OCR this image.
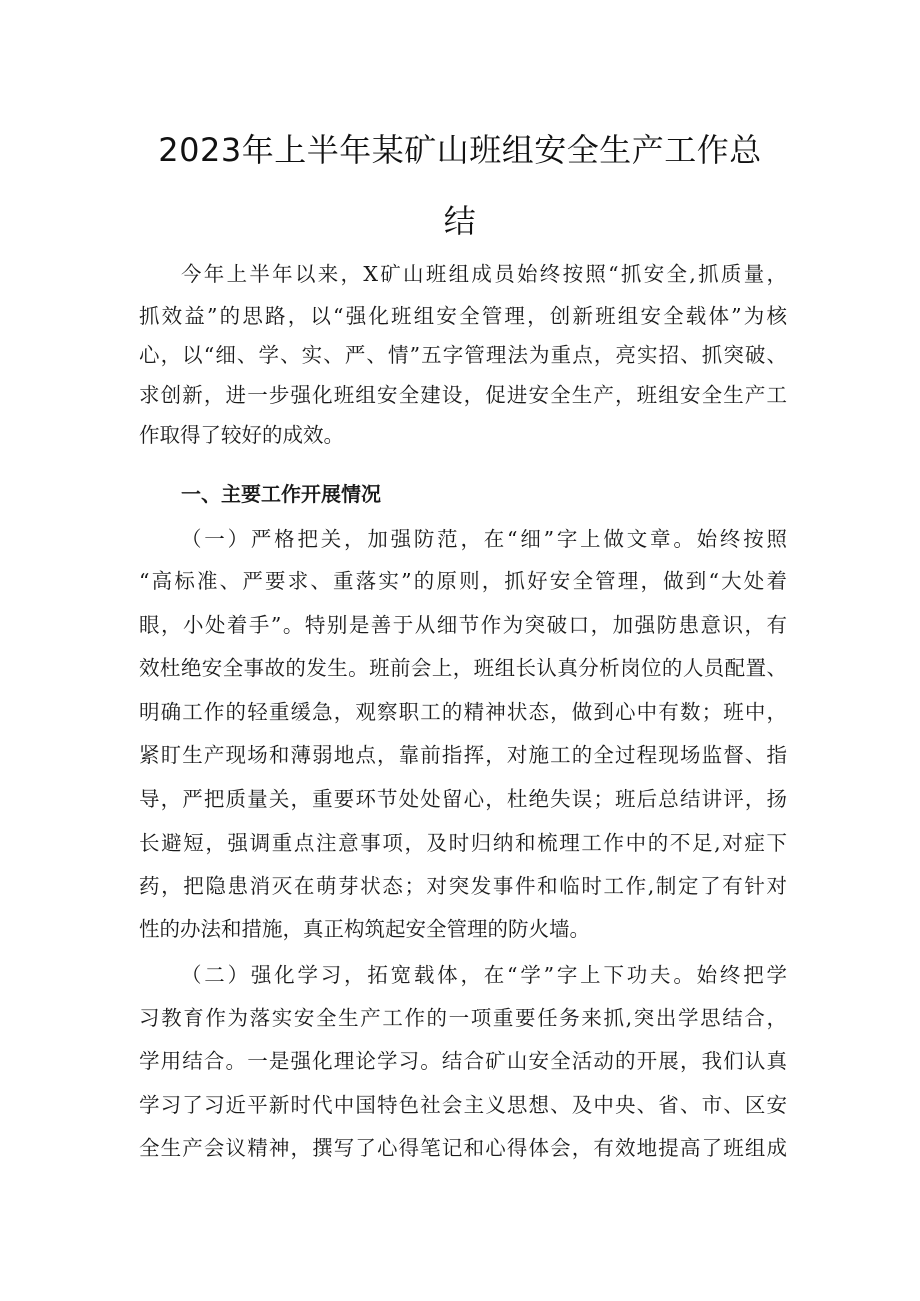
2023年上半年某矿山班组安全生产工作总
结
今年上半年以来，X矿山班组成员始终按照“抓安全,抓质量，
抓效益”的思路，以“强化班组安全管理，创新班组安全载体”为核
心，以“细、学、实、严、情”五字管理法为重点，亮实招、抓突破、
求创新，进一步强化班组安全建设，促进安全生产，班组安全生产工
作取得了较好的成效。
一、主要工作开展情况
（一）严格把关，加强防范，在“细”字上做文章。始终按照
“高标准、严要求、重落实”的原则，抓好安全管理，做到“大处着
眼，小处着手”。特别是善于从细节作为突破口，加强防患意识，有
效杜绝安全事故的发生。班前会上，班组长认真分析岗位的人员配置、
明确工作的轻重缓急，观察职工的精神状态，做到心中有数；班中，
紧盯生产现场和薄弱地点，靠前指挥，对施工的全过程现场监督、指
导，严把质量关，重要环节处处留心，杜绝失误；班后总结讲评，扬
长避短，强调重点注意事项，及时归纳和梳理工作中的不足,对症下
药，把隐患消灭在萌芽状态；对突发事件和临时工作,制定了有针对
性的办法和措施，真正构筑起安全管理的防火墙。
（二）强化学习，拓宽载体，在“学”字上下功夫。始终把学
习教育作为落实安全生产工作的一项重要任务来抓,突出学思结合，
学用结合。一是强化理论学习。结合矿山安全活动的开展，我们认真
学习了习近平新时代中国特色社会主义思想、及中央、省、市、区安
全生产会议精神，撰写了心得笔记和心得体会，有效地提高了班组成
